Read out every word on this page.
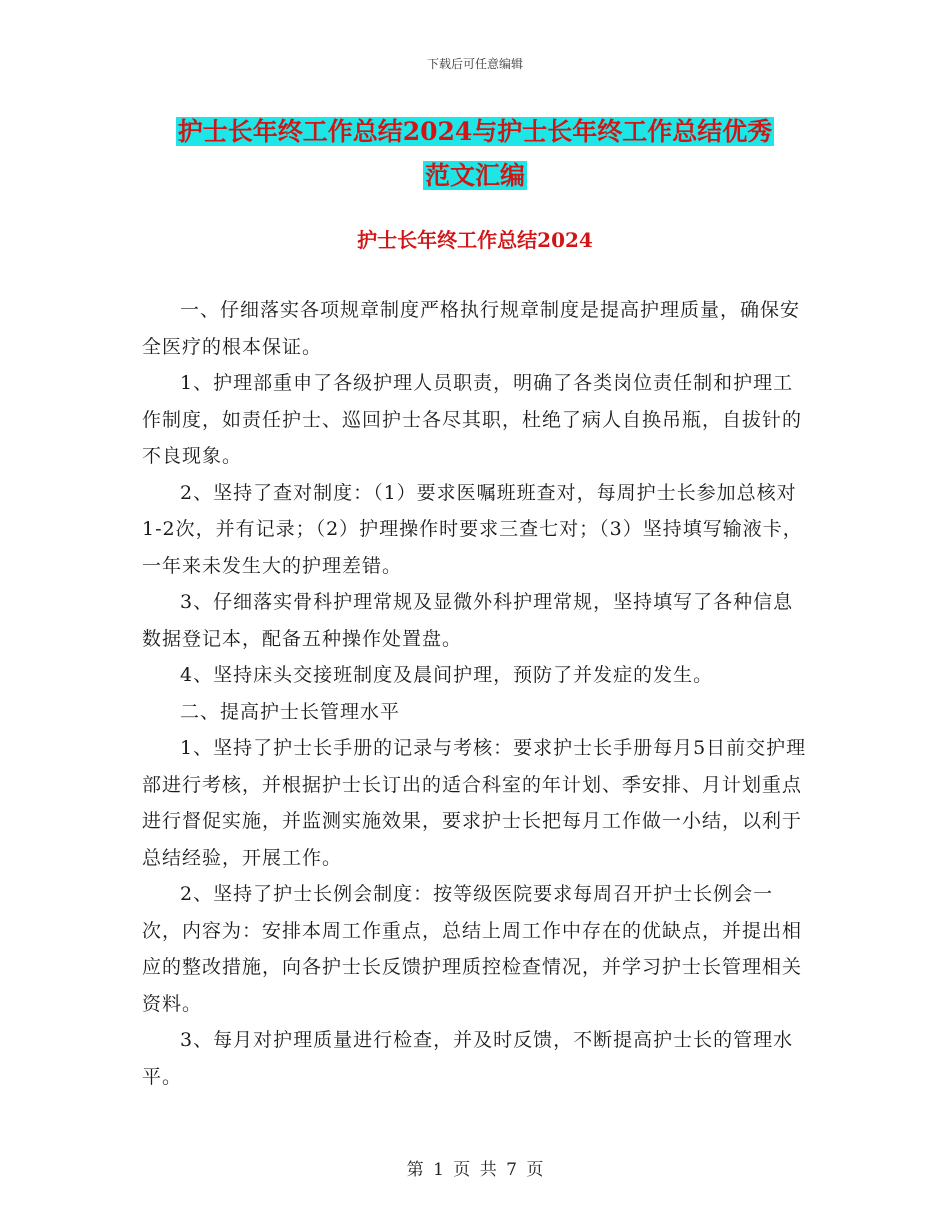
下载后可任意编辑
护士长年终工作总结2024与护士长年终工作总结优秀
范文汇编
护士长年终工作总结2024

一、仔细落实各项规章制度严格执行规章制度是提高护理质量，确保安全医疗的根本保证。

1、护理部重申了各级护理人员职责，明确了各类岗位责任制和护理工作制度，如责任护士、巡回护士各尽其职，杜绝了病人自换吊瓶，自拔针的不良现象。

2、坚持了查对制度：（1）要求医嘱班班查对，每周护士长参加总核对1-2次，并有记录；（2）护理操作时要求三查七对；（3）坚持填写输液卡，一年来未发生大的护理差错。

3、仔细落实骨科护理常规及显微外科护理常规，坚持填写了各种信息数据登记本，配备五种操作处置盘。

4、坚持床头交接班制度及晨间护理，预防了并发症的发生。

二、提高护士长管理水平

1、坚持了护士长手册的记录与考核：要求护士长手册每月5日前交护理部进行考核，并根据护士长订出的适合科室的年计划、季安排、月计划重点进行督促实施，并监测实施效果，要求护士长把每月工作做一小结，以利于总结经验，开展工作。

2、坚持了护士长例会制度：按等级医院要求每周召开护士长例会一次，内容为：安排本周工作重点，总结上周工作中存在的优缺点，并提出相应的整改措施，向各护士长反馈护理质控检查情况，并学习护士长管理相关资料。

3、每月对护理质量进行检查，并及时反馈，不断提高护士长的管理水平。

第 1 页 共 7 页
